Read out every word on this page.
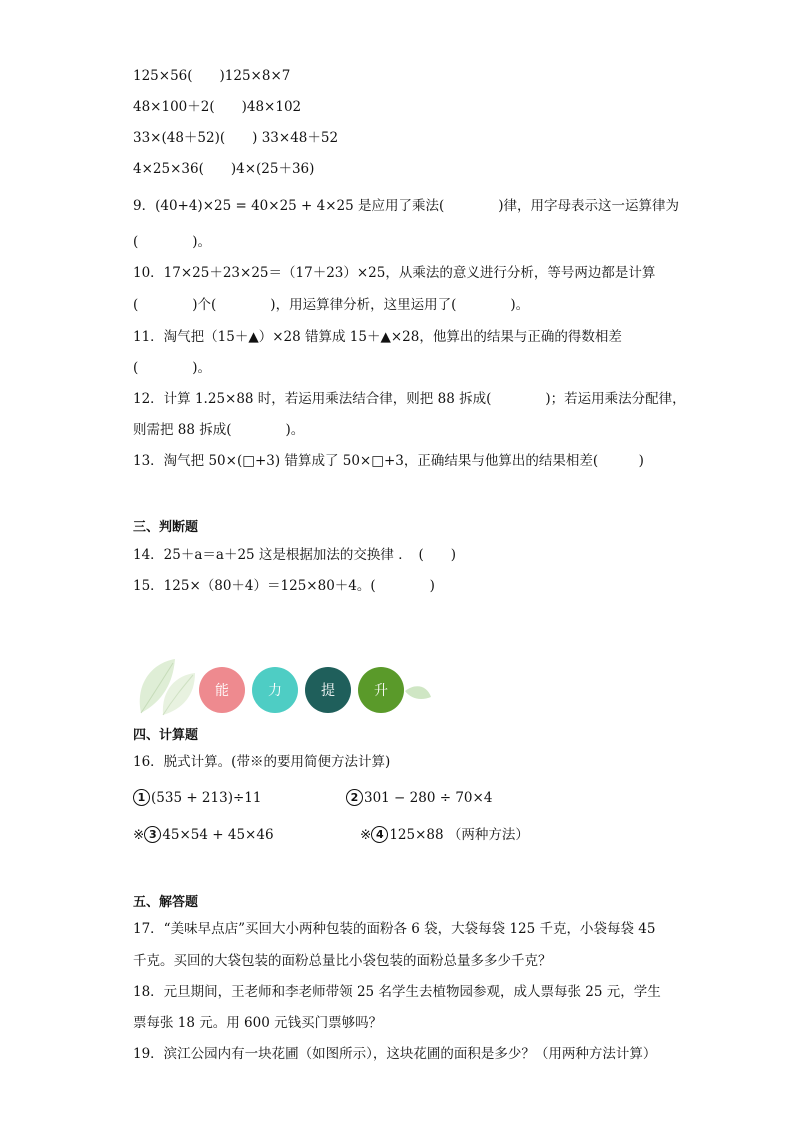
125×56(　　)125×8×7
48×100＋2(　　)48×102
33×(48＋52)(　　) 33×48＋52
4×25×36(　　)4×(25＋36)
9．(40+4)×25 = 40×25 + 4×25 是应用了乘法(　　　　)律，用字母表示这一运算律为
(　　　　)。
10．17×25＋23×25＝（17＋23）×25，从乘法的意义进行分析，等号两边都是计算
(　　　　)个(　　　　)，用运算律分析，这里运用了(　　　　)。
11．淘气把（15＋▲）×28 错算成 15＋▲×28，他算出的结果与正确的得数相差
(　　　　)。
12．计算 1.25×88 时，若运用乘法结合律，则把 88 拆成(　　　　)；若运用乘法分配律，
则需把 88 拆成(　　　　)。
13．淘气把 50×(□+3) 错算成了 50×□+3，正确结果与他算出的结果相差(　　　)
三、判断题
14．25＋a＝a＋25 这是根据加法的交换律 ．　(　　)
15．125×（80＋4）＝125×80＋4。(　　　　)
能	力	提	升
四、计算题
16．脱式计算。(带※的要用简便方法计算)
1 (535 + 213)÷11	2 301 − 280 ÷ 70×4
※ 3 45×54 + 45×46	※ 4 125×88 （两种方法）
五、解答题
17．“美味早点店”买回大小两种包装的面粉各 6 袋，大袋每袋 125 千克，小袋每袋 45
千克。买回的大袋包装的面粉总量比小袋包装的面粉总量多多少千克？
18．元旦期间，王老师和李老师带领 25 名学生去植物园参观，成人票每张 25 元，学生
票每张 18 元。用 600 元钱买门票够吗？
19．滨江公园内有一块花圃（如图所示），这块花圃的面积是多少？（用两种方法计算）
